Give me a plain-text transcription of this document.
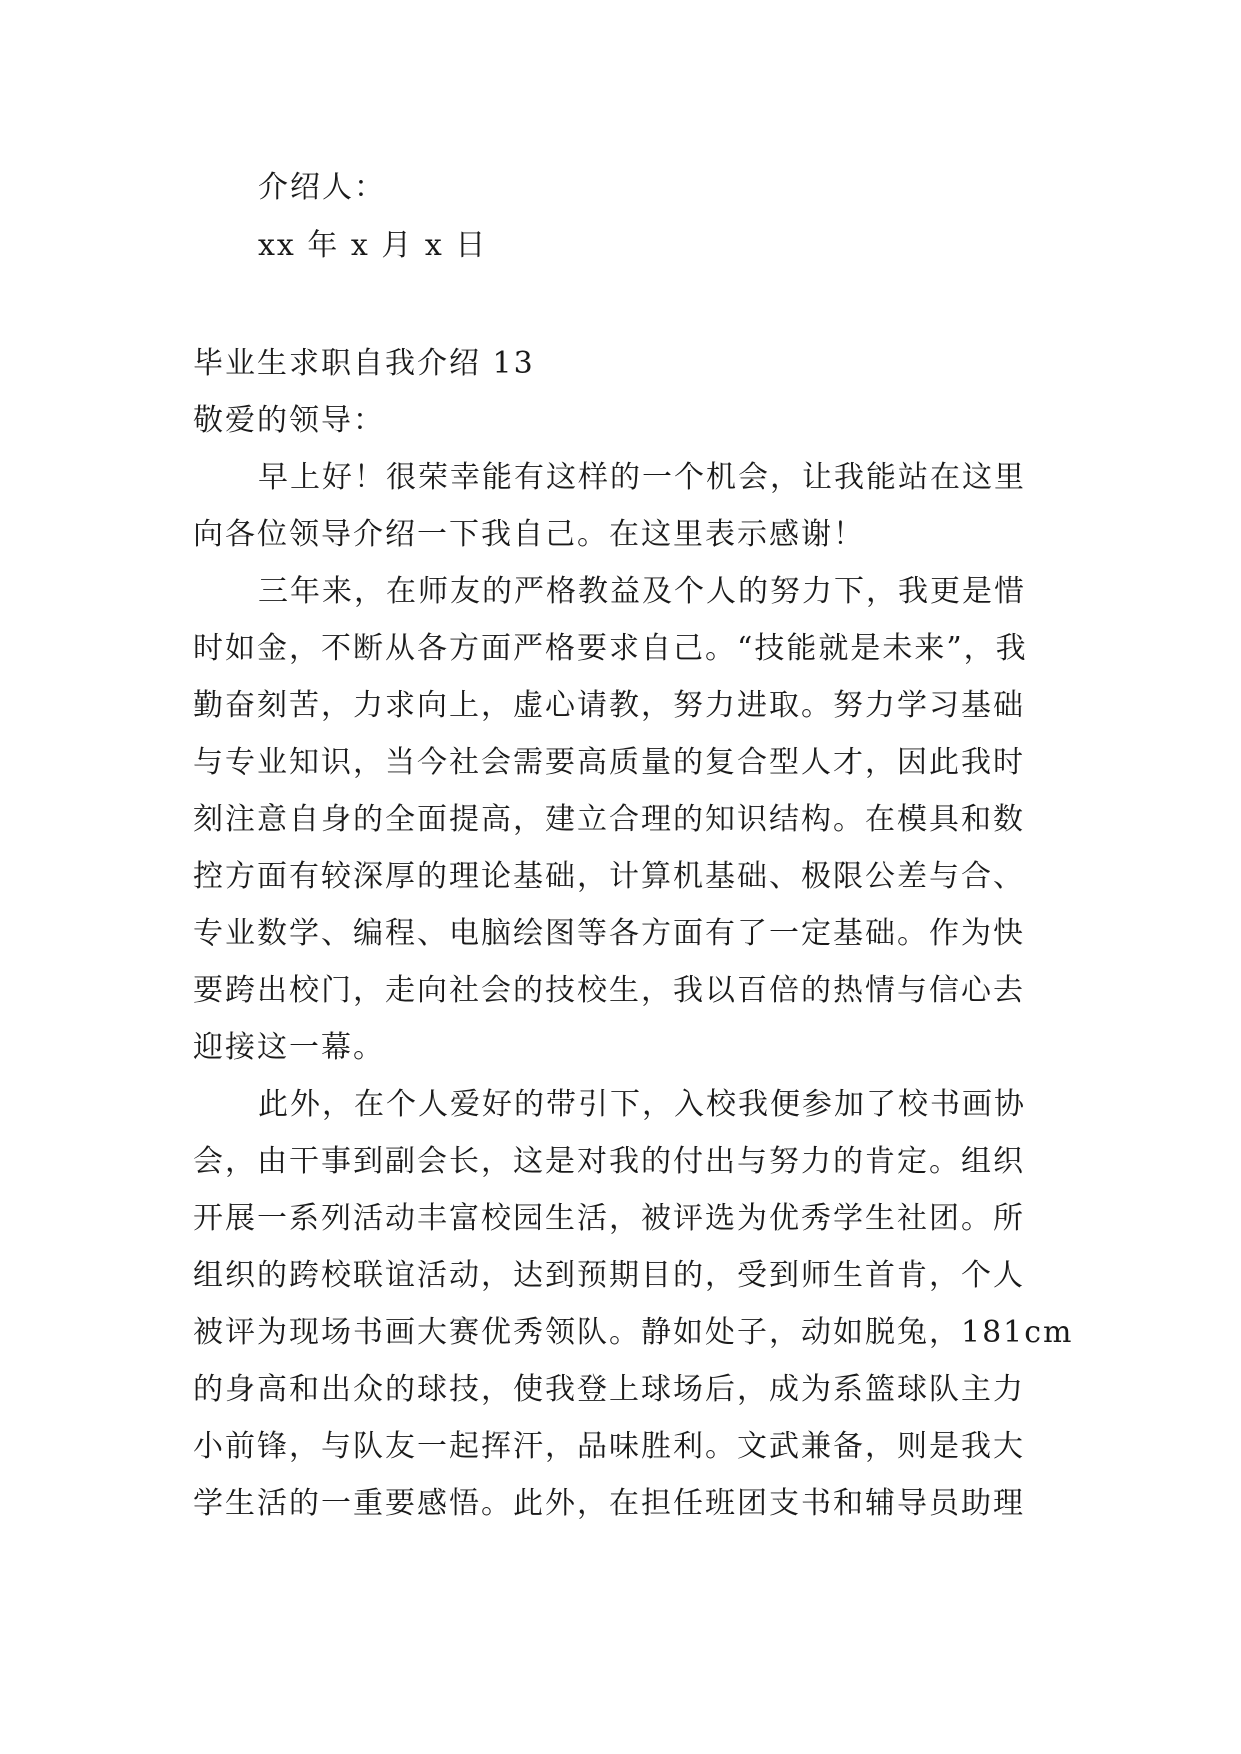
介绍人：
xx 年 x 月 x 日
毕业生求职自我介绍 13
敬爱的领导：
早上好！很荣幸能有这样的一个机会，让我能站在这里
向各位领导介绍一下我自己。在这里表示感谢！
三年来，在师友的严格教益及个人的努力下，我更是惜
时如金，不断从各方面严格要求自己。“技能就是未来”，我
勤奋刻苦，力求向上，虚心请教，努力进取。努力学习基础
与专业知识，当今社会需要高质量的复合型人才，因此我时
刻注意自身的全面提高，建立合理的知识结构。在模具和数
控方面有较深厚的理论基础，计算机基础、极限公差与合、
专业数学、编程、电脑绘图等各方面有了一定基础。作为快
要跨出校门，走向社会的技校生，我以百倍的热情与信心去
迎接这一幕。
此外，在个人爱好的带引下，入校我便参加了校书画协
会，由干事到副会长，这是对我的付出与努力的肯定。组织
开展一系列活动丰富校园生活，被评选为优秀学生社团。所
组织的跨校联谊活动，达到预期目的，受到师生首肯，个人
被评为现场书画大赛优秀领队。静如处子，动如脱兔，181cm
的身高和出众的球技，使我登上球场后，成为系篮球队主力
小前锋，与队友一起挥汗，品味胜利。文武兼备，则是我大
学生活的一重要感悟。此外，在担任班团支书和辅导员助理
